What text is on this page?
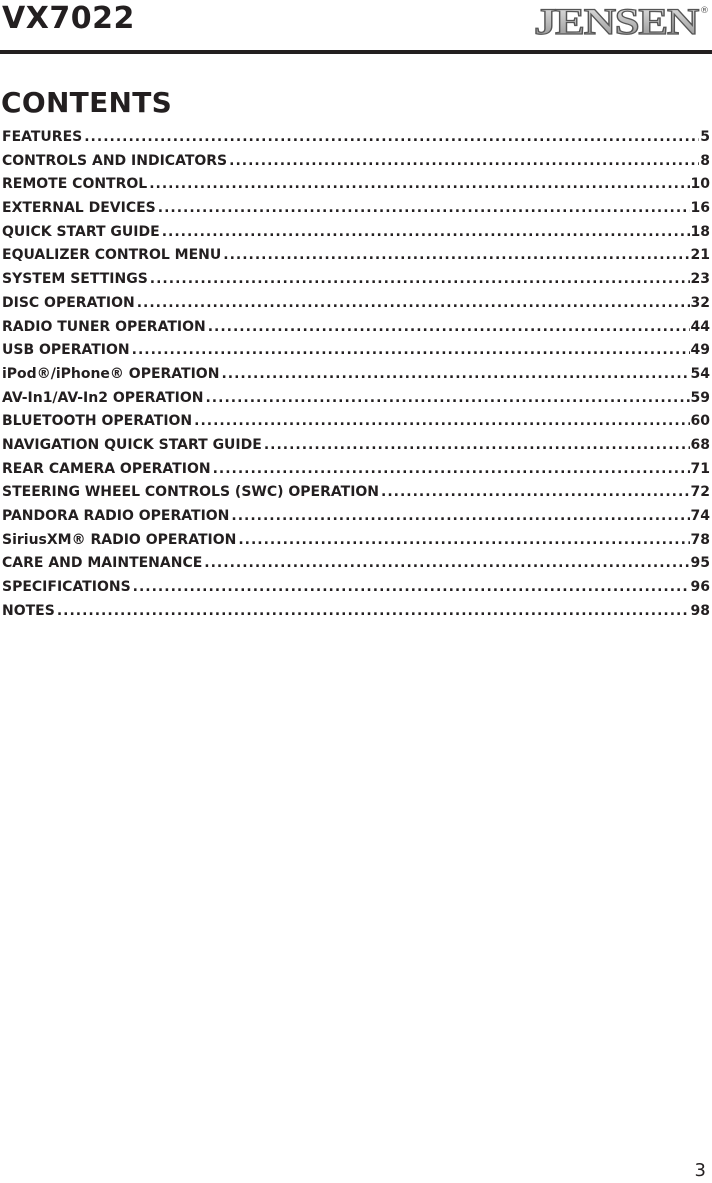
VX7022	JENSEN ®
CONTENTS
FEATURES .....	5
CONTROLS AND INDICATORS .....	8
REMOTE CONTROL .....	10
EXTERNAL DEVICES .....	16
QUICK START GUIDE .....	18
EQUALIZER CONTROL MENU .....	21
SYSTEM SETTINGS .....	23
DISC OPERATION .....	32
RADIO TUNER OPERATION .....	44
USB OPERATION .....	49
iPod®/iPhone® OPERATION .....	54
AV-In1/AV-In2 OPERATION .....	59
BLUETOOTH OPERATION .....	60
NAVIGATION QUICK START GUIDE .....	68
REAR CAMERA OPERATION .....	71
STEERING WHEEL CONTROLS (SWC) OPERATION .....	72
PANDORA RADIO OPERATION .....	74
SiriusXM® RADIO OPERATION .....	78
CARE AND MAINTENANCE .....	95
SPECIFICATIONS .....	96
NOTES .....	98
3
